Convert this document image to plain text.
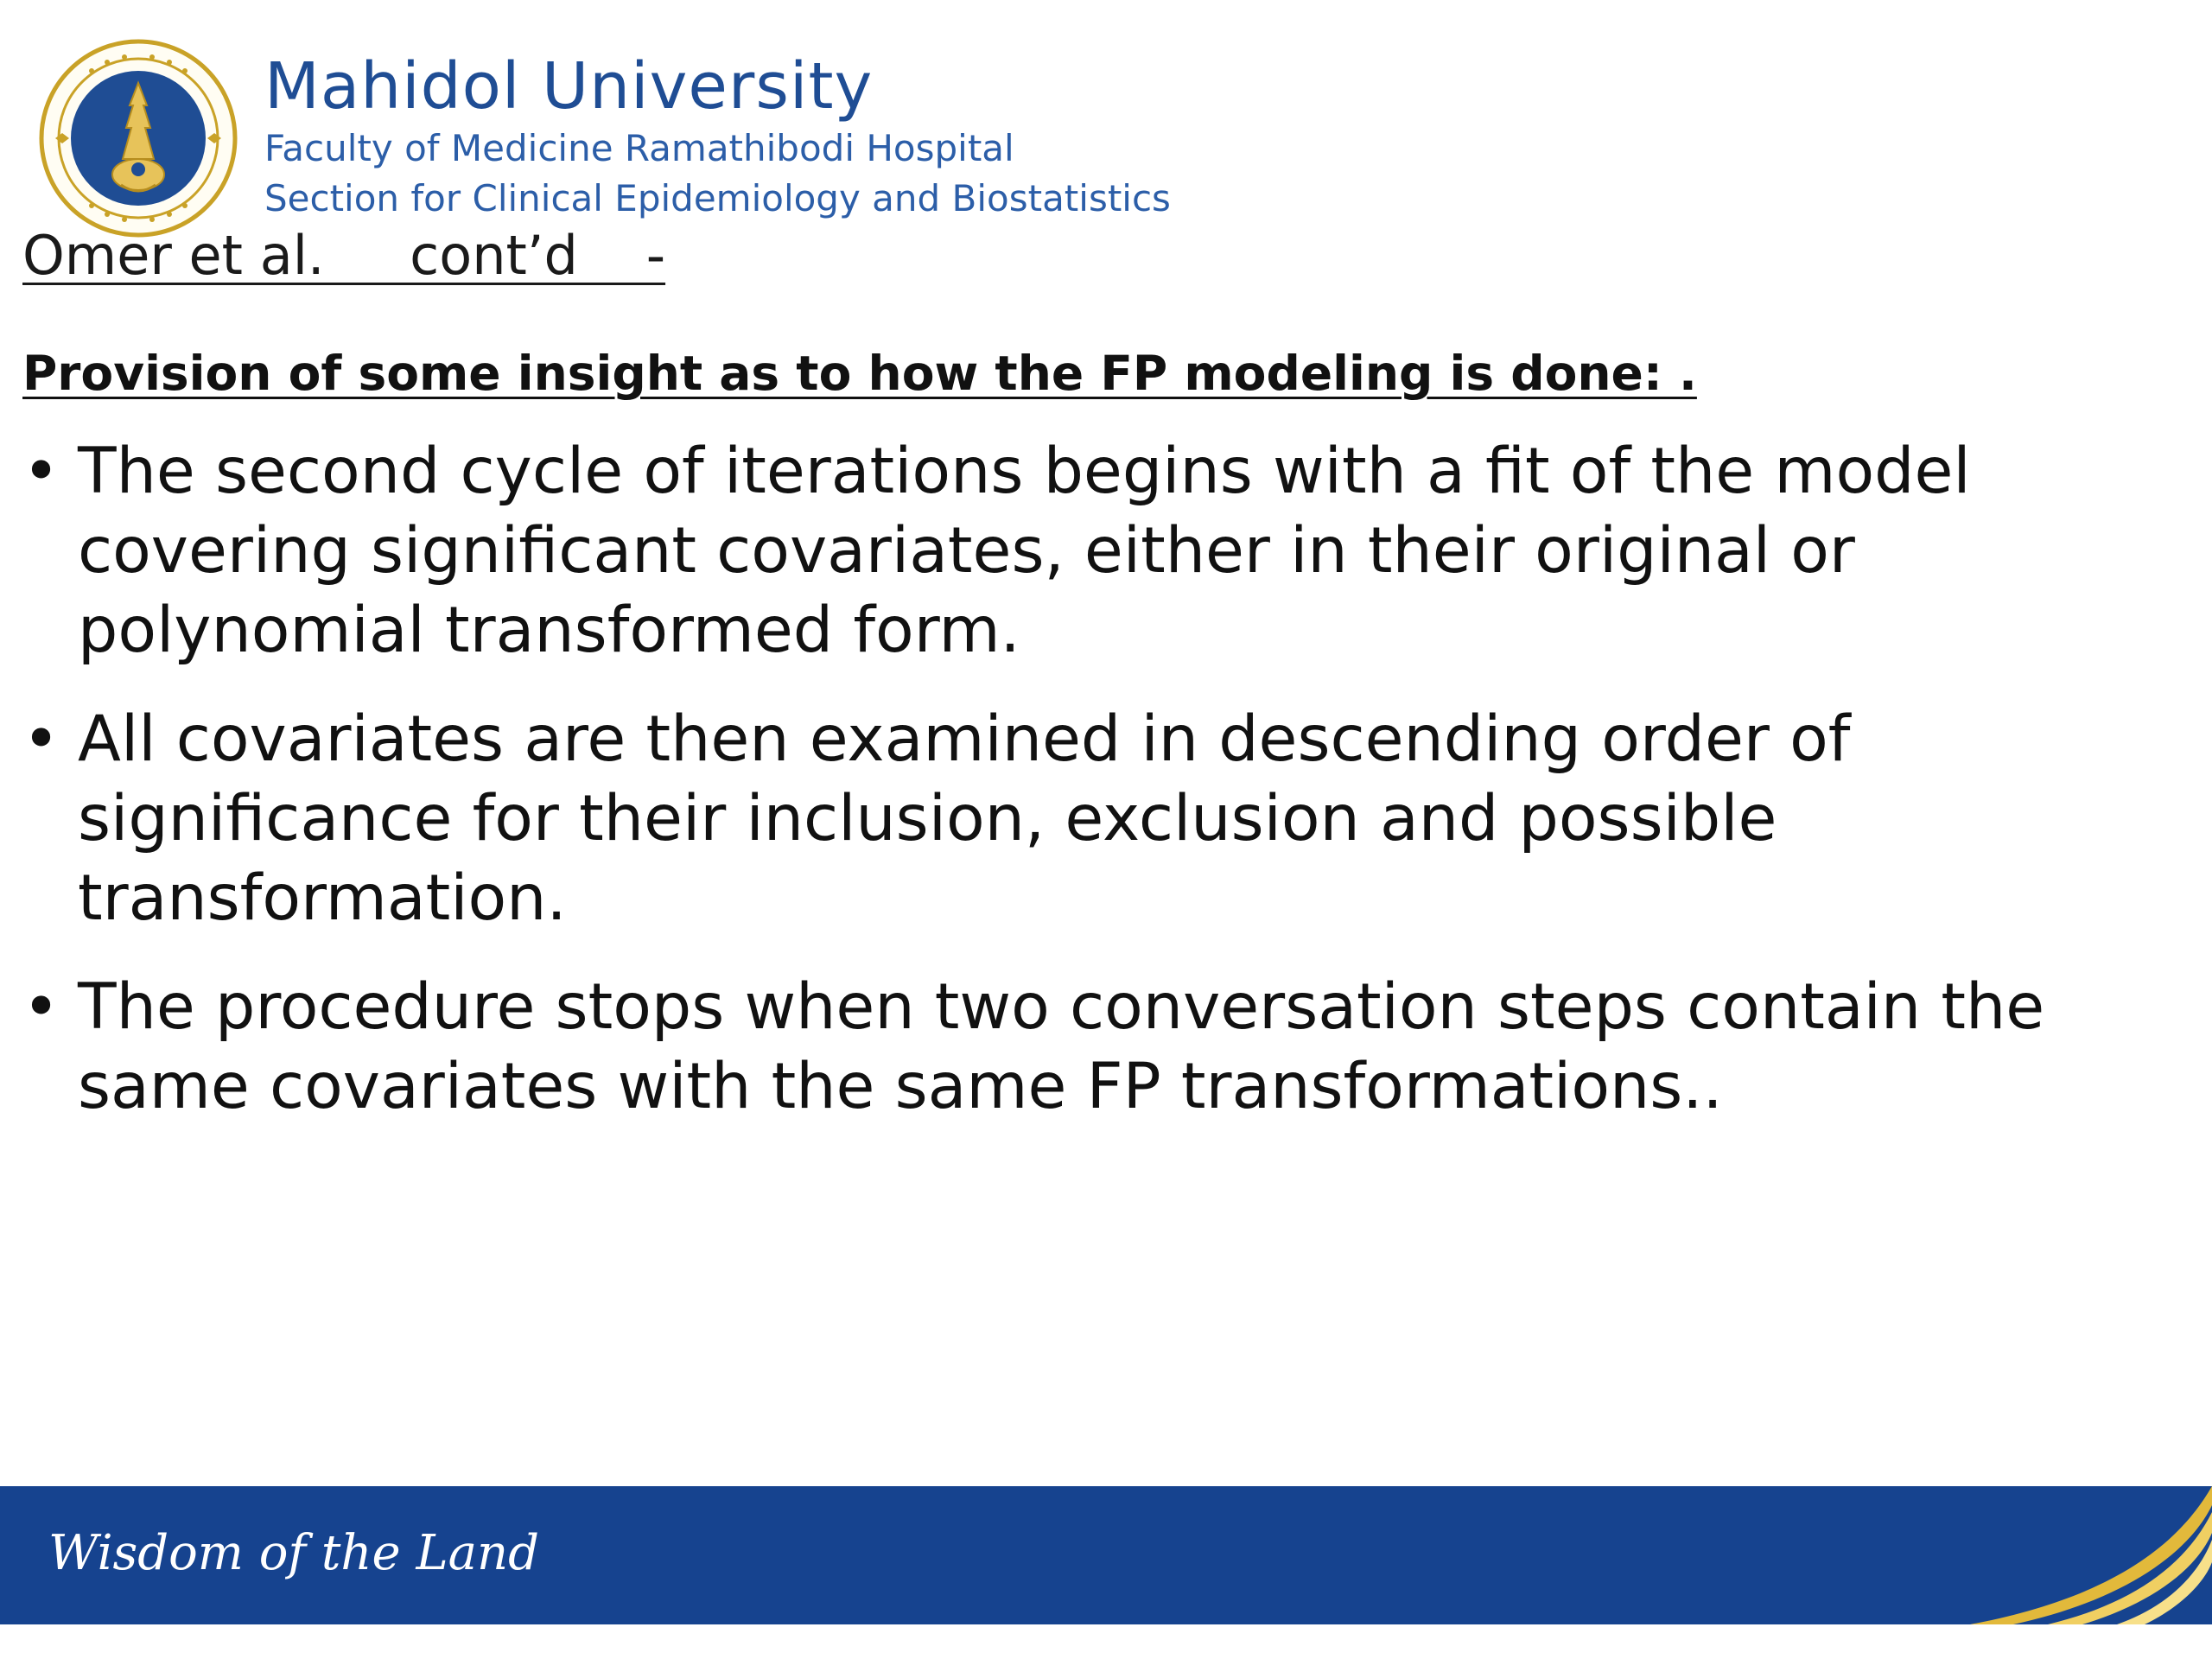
Mahidol University
Faculty of Medicine Ramathibodi Hospital
Section for Clinical Epidemiology and Biostatistics
Omer et al.     cont’d    -
Provision of some insight as to how the FP modeling is done: .
• The second cycle of iterations begins with a fit of the model covering significant covariates, either in their original or polynomial transformed form.
• All covariates are then examined in descending order of significance for their inclusion, exclusion and possible transformation.
• The procedure stops when two conversation steps contain the same covariates with the same FP transformations..
Wisdom of the Land
